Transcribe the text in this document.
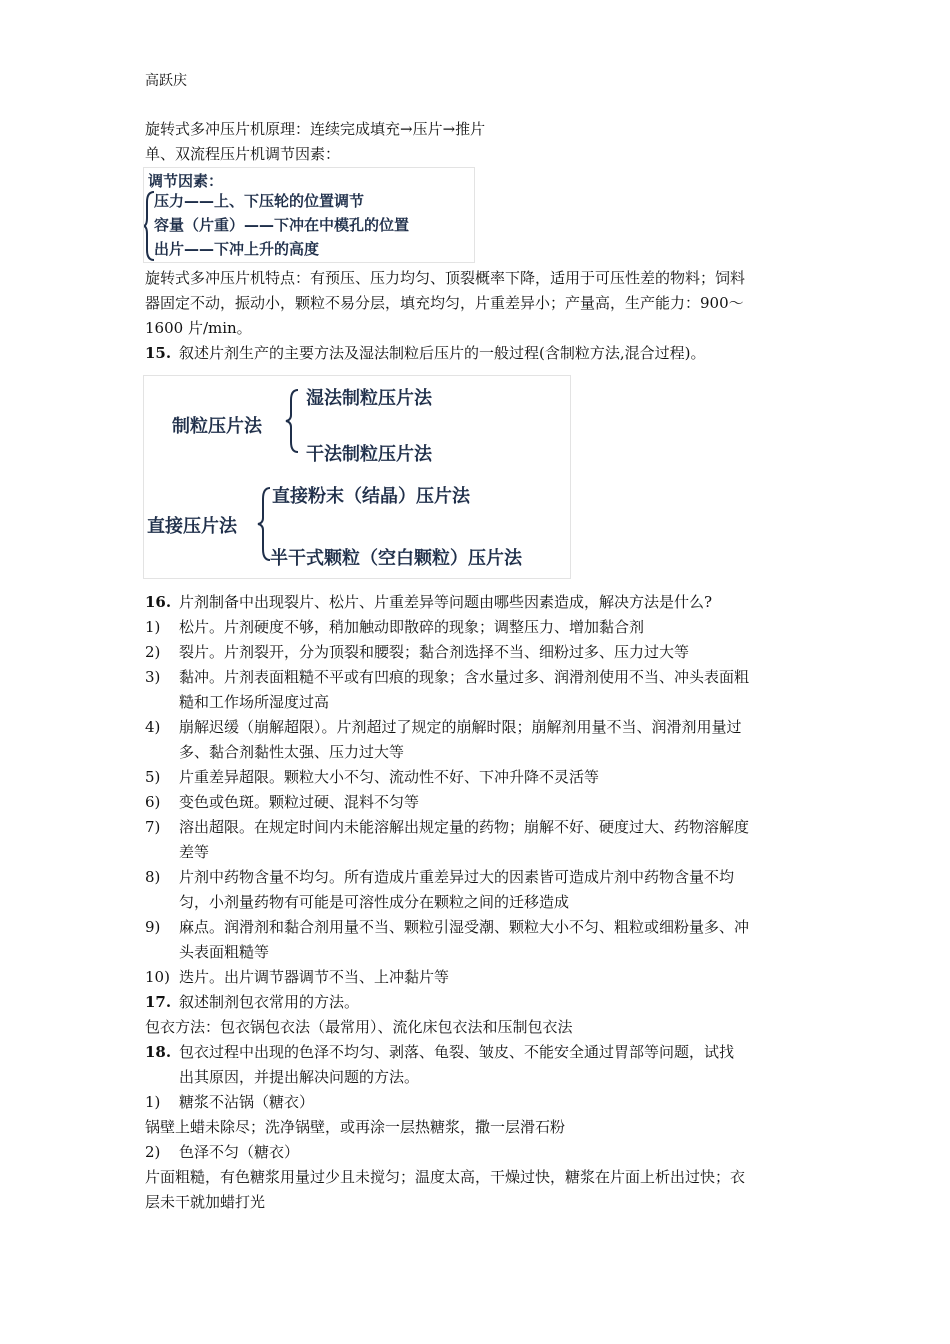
高跃庆
旋转式多冲压片机原理：连续完成填充→压片→推片
单、双流程压片机调节因素：
调节因素：
压力——上、下压轮的位置调节
容量（片重）——下冲在中模孔的位置
出片——下冲上升的高度
旋转式多冲压片机特点：有预压、压力均匀、顶裂概率下降，适用于可压性差的物料；饲料
器固定不动，振动小，颗粒不易分层，填充均匀，片重差异小；产量高，生产能力：900～
1600 片/min。
15. 叙述片剂生产的主要方法及湿法制粒后压片的一般过程(含制粒方法,混合过程)。
制粒压片法
湿法制粒压片法
干法制粒压片法
直接压片法
直接粉末（结晶）压片法
半干式颗粒（空白颗粒）压片法
16. 片剂制备中出现裂片、松片、片重差异等问题由哪些因素造成，解决方法是什么?
1) 松片。片剂硬度不够，稍加触动即散碎的现象；调整压力、增加黏合剂
2) 裂片。片剂裂开，分为顶裂和腰裂；黏合剂选择不当、细粉过多、压力过大等
3) 黏冲。片剂表面粗糙不平或有凹痕的现象；含水量过多、润滑剂使用不当、冲头表面粗
糙和工作场所湿度过高
4) 崩解迟缓（崩解超限）。片剂超过了规定的崩解时限；崩解剂用量不当、润滑剂用量过
多、黏合剂黏性太强、压力过大等
5) 片重差异超限。颗粒大小不匀、流动性不好、下冲升降不灵活等
6) 变色或色斑。颗粒过硬、混料不匀等
7) 溶出超限。在规定时间内未能溶解出规定量的药物；崩解不好、硬度过大、药物溶解度
差等
8) 片剂中药物含量不均匀。所有造成片重差异过大的因素皆可造成片剂中药物含量不均
匀，小剂量药物有可能是可溶性成分在颗粒之间的迁移造成
9) 麻点。润滑剂和黏合剂用量不当、颗粒引湿受潮、颗粒大小不匀、粗粒或细粉量多、冲
头表面粗糙等
10) 迭片。出片调节器调节不当、上冲黏片等
17. 叙述制剂包衣常用的方法。
包衣方法：包衣锅包衣法（最常用）、流化床包衣法和压制包衣法
18. 包衣过程中出现的色泽不均匀、剥落、龟裂、皱皮、不能安全通过胃部等问题，试找
出其原因，并提出解决问题的方法。
1) 糖浆不沾锅（糖衣）
锅壁上蜡未除尽；洗净锅壁，或再涂一层热糖浆，撒一层滑石粉
2) 色泽不匀（糖衣）
片面粗糙，有色糖浆用量过少且未搅匀；温度太高，干燥过快，糖浆在片面上析出过快；衣
层未干就加蜡打光
